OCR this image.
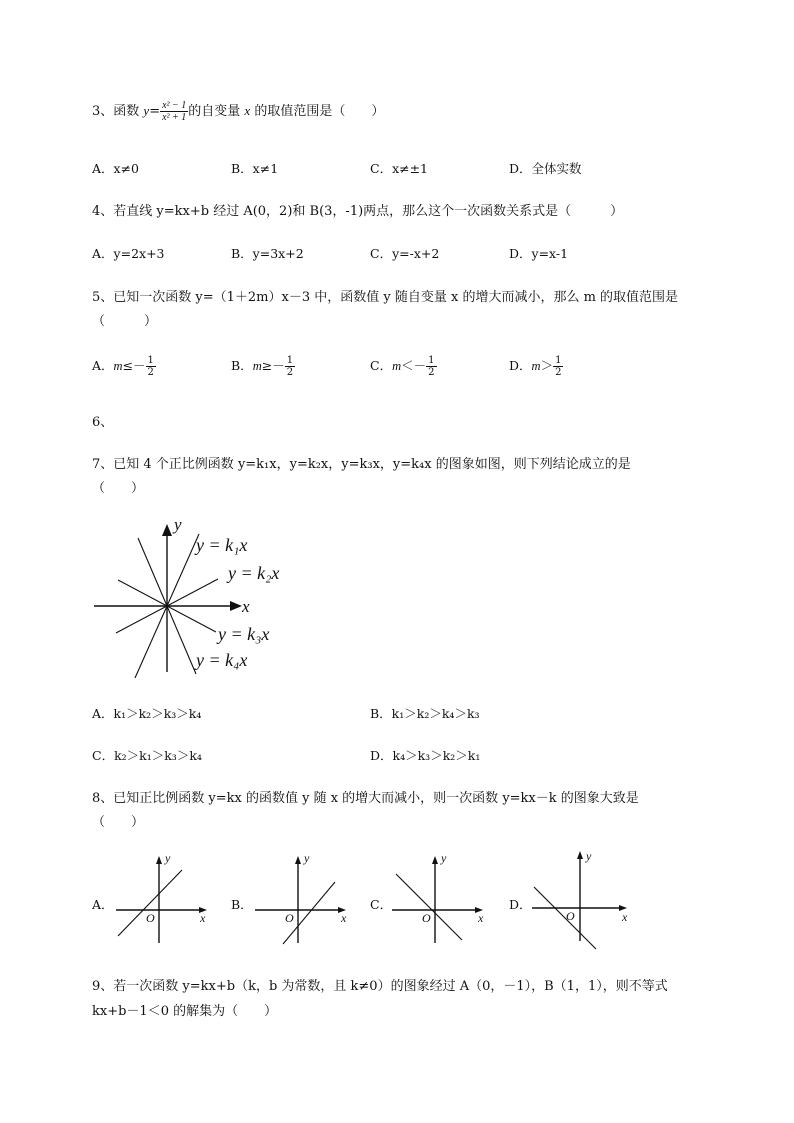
3、函数 $y= \frac{\text{x² − 1}}{\text{x² + 1}}$ 的自变量 x 的取值范围是（　　）
A．x≠0	B．x≠1	C．x≠±1	D．全体实数
4、若直线 y=kx+b 经过 A(0，2)和 B(3，-1)两点，那么这个一次函数关系式是（　　　）
A．y=2x+3	B．y=3x+2	C．y=-x+2	D．y=x-1
5、已知一次函数 y=（1＋2m）x－3 中，函数值 y 随自变量 x 的增大而减小，那么 m 的取值范围是
（　　　）
A．$m\le- \frac{1}{2}$	B．$m\ge- \frac{1}{2}$	C．$m<- \frac{1}{2}$	D．$m> \frac{1}{2}$
6、
7、已知 4 个正比例函数 y=k₁x，y=k₂x，y=k₃x，y=k₄x 的图象如图，则下列结论成立的是
（　　）
y
x
y = k₁x
y = k₂x
y = k₃x
y = k₄x
A．k₁＞k₂＞k₃＞k₄	B．k₁＞k₂＞k₄＞k₃
C．k₂＞k₁＞k₃＞k₄	D．k₄＞k₃＞k₂＞k₁
8、已知正比例函数 y=kx 的函数值 y 随 x 的增大而减小，则一次函数 y=kx－k 的图象大致是
（　　）
A．
y
x
O
B．
y
x
O
C．
y
x
O
D．
y
x
O
9、若一次函数 y=kx+b（k，b 为常数，且 k≠0）的图象经过 A（0，－1），B（1，1），则不等式
kx+b－1＜0 的解集为（　　）
